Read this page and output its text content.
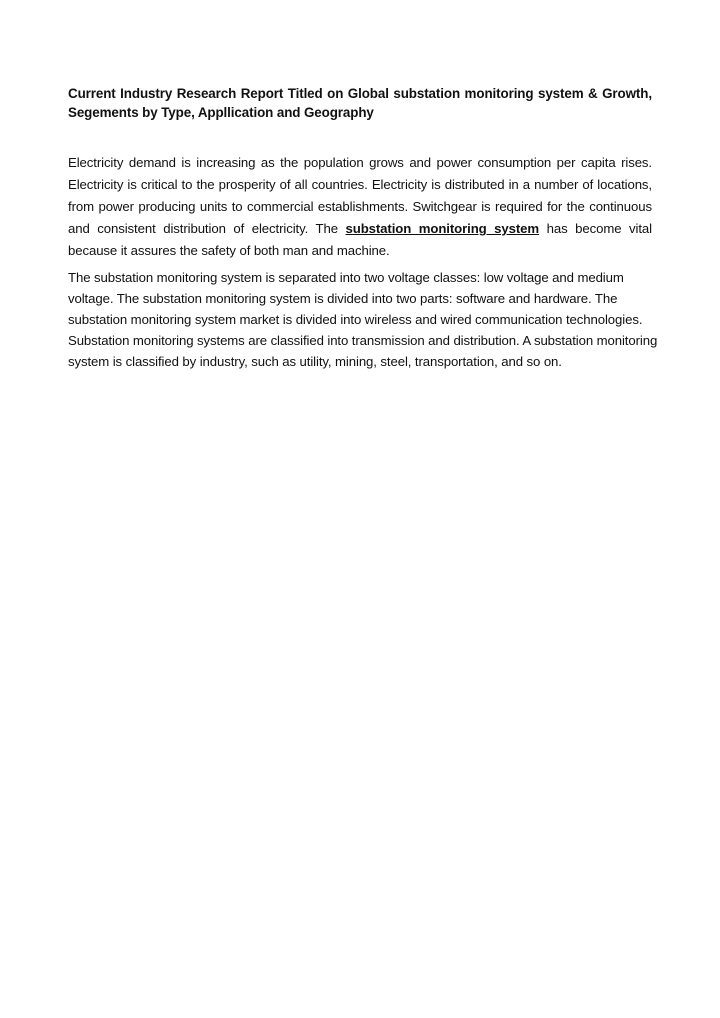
Current Industry Research Report Titled on Global substation monitoring system & Growth, Segements by Type, Appllication and Geography

Electricity demand is increasing as the population grows and power consumption per capita rises. Electricity is critical to the prosperity of all countries. Electricity is distributed in a number of locations, from power producing units to commercial establishments. Switchgear is required for the continuous and consistent distribution of electricity. The substation monitoring system has become vital because it assures the safety of both man and machine.

The substation monitoring system is separated into two voltage classes: low voltage and medium voltage. The substation monitoring system is divided into two parts: software and hardware. The substation monitoring system market is divided into wireless and wired communication technologies. Substation monitoring systems are classified into transmission and distribution. A substation monitoring system is classified by industry, such as utility, mining, steel, transportation, and so on.
